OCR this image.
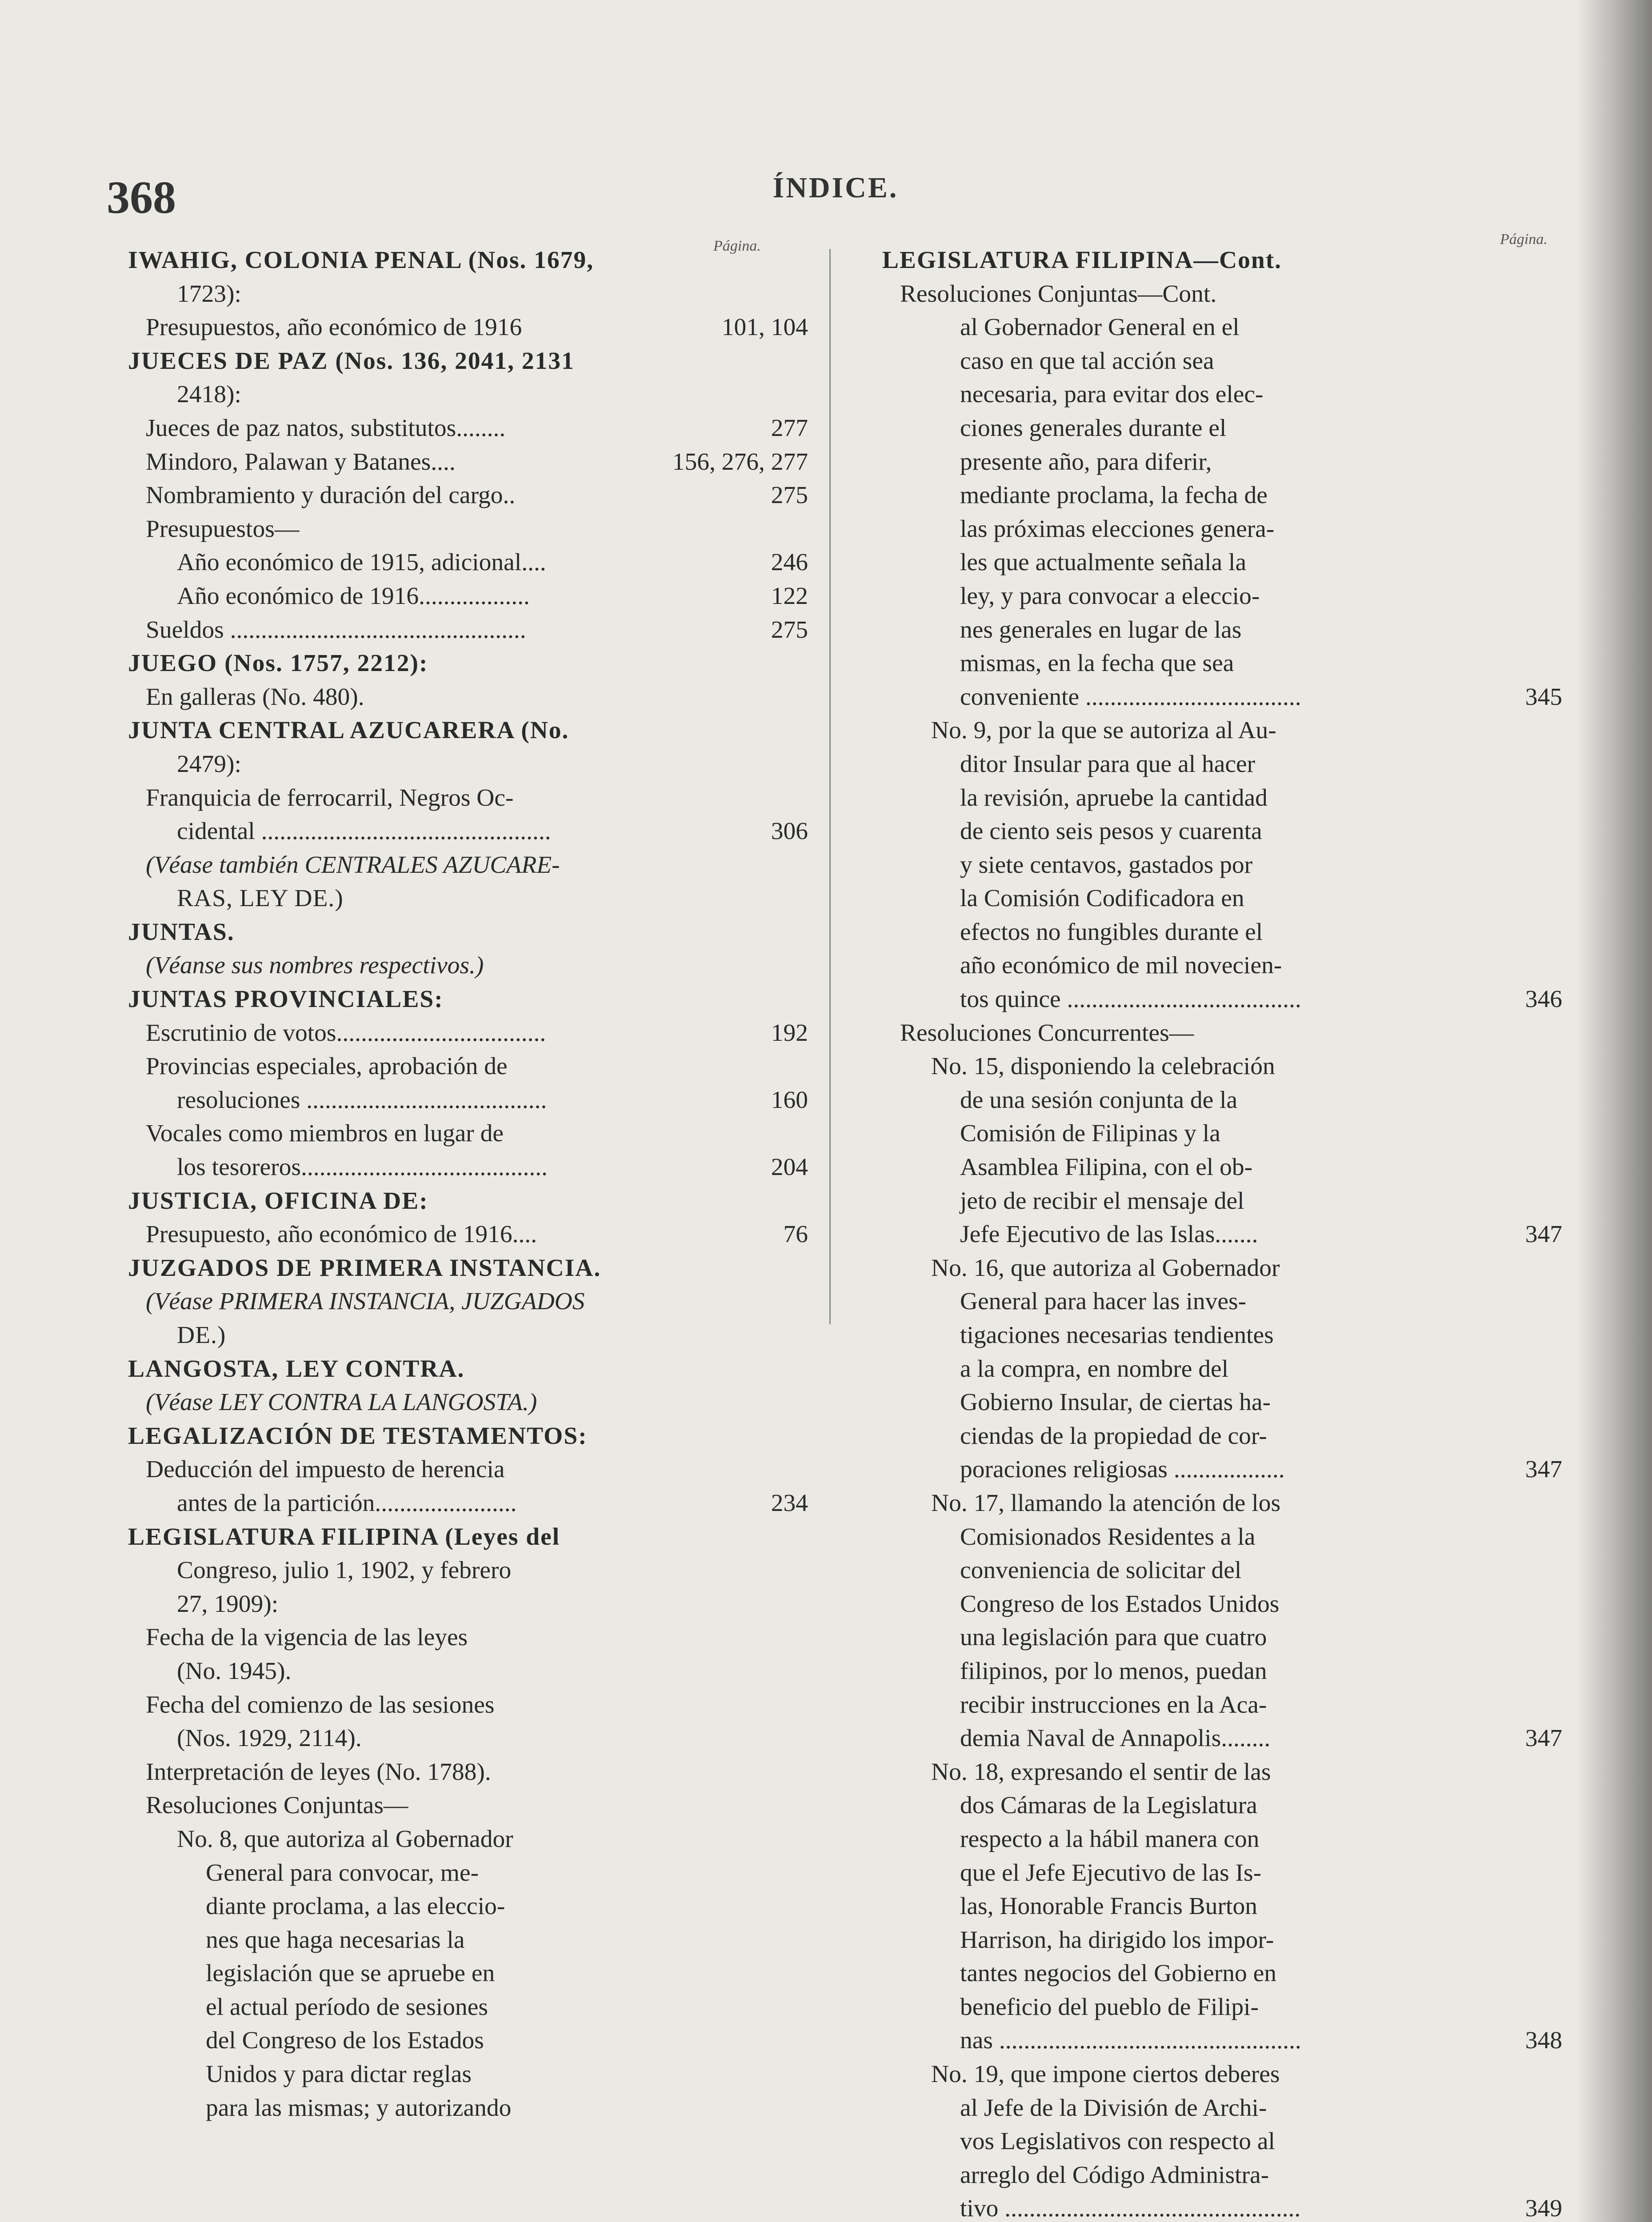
368	ÍNDICE.
Página.	Página.
IWAHIG, COLONIA PENAL (Nos. 1679,
1723):
Presupuestos, año económico de 1916	101, 104
JUECES DE PAZ (Nos. 136, 2041, 2131
2418):
Jueces de paz natos, substitutos........	277
Mindoro, Palawan y Batanes....	156, 276, 277
Nombramiento y duración del cargo..	275
Presupuestos—
Año económico de 1915, adicional....	246
Año económico de 1916..................	122
Sueldos ................................................	275
JUEGO (Nos. 1757, 2212):
En galleras (No. 480).
JUNTA CENTRAL AZUCARERA (No.
2479):
Franquicia de ferrocarril, Negros Oc-
cidental ...............................................	306
(Véase también CENTRALES AZUCARE-
RAS, LEY DE.)
JUNTAS.
(Véanse sus nombres respectivos.)
JUNTAS PROVINCIALES:
Escrutinio de votos..................................	192
Provincias especiales, aprobación de
resoluciones .......................................	160
Vocales como miembros en lugar de
los tesoreros........................................	204
JUSTICIA, OFICINA DE:
Presupuesto, año económico de 1916....	76
JUZGADOS DE PRIMERA INSTANCIA.
(Véase PRIMERA INSTANCIA, JUZGADOS
DE.)
LANGOSTA, LEY CONTRA.
(Véase LEY CONTRA LA LANGOSTA.)
LEGALIZACIÓN DE TESTAMENTOS:
Deducción del impuesto de herencia
antes de la partición.......................	234
LEGISLATURA FILIPINA (Leyes del
Congreso, julio 1, 1902, y febrero
27, 1909):
Fecha de la vigencia de las leyes
(No. 1945).
Fecha del comienzo de las sesiones
(Nos. 1929, 2114).
Interpretación de leyes (No. 1788).
Resoluciones Conjuntas—
No. 8, que autoriza al Gobernador
General para convocar, me-
diante proclama, a las eleccio-
nes que haga necesarias la
legislación que se apruebe en
el actual período de sesiones
del Congreso de los Estados
Unidos y para dictar reglas
para las mismas; y autorizando
LEGISLATURA FILIPINA—Cont.
Resoluciones Conjuntas—Cont.
al Gobernador General en el
caso en que tal acción sea
necesaria, para evitar dos elec-
ciones generales durante el
presente año, para diferir,
mediante proclama, la fecha de
las próximas elecciones genera-
les que actualmente señala la
ley, y para convocar a eleccio-
nes generales en lugar de las
mismas, en la fecha que sea
conveniente ...................................	345
No. 9, por la que se autoriza al Au-
ditor Insular para que al hacer
la revisión, apruebe la cantidad
de ciento seis pesos y cuarenta
y siete centavos, gastados por
la Comisión Codificadora en
efectos no fungibles durante el
año económico de mil novecien-
tos quince ......................................	346
Resoluciones Concurrentes—
No. 15, disponiendo la celebración
de una sesión conjunta de la
Comisión de Filipinas y la
Asamblea Filipina, con el ob-
jeto de recibir el mensaje del
Jefe Ejecutivo de las Islas.......	347
No. 16, que autoriza al Gobernador
General para hacer las inves-
tigaciones necesarias tendientes
a la compra, en nombre del
Gobierno Insular, de ciertas ha-
ciendas de la propiedad de cor-
poraciones religiosas ..................	347
No. 17, llamando la atención de los
Comisionados Residentes a la
conveniencia de solicitar del
Congreso de los Estados Unidos
una legislación para que cuatro
filipinos, por lo menos, puedan
recibir instrucciones en la Aca-
demia Naval de Annapolis........	347
No. 18, expresando el sentir de las
dos Cámaras de la Legislatura
respecto a la hábil manera con
que el Jefe Ejecutivo de las Is-
las, Honorable Francis Burton
Harrison, ha dirigido los impor-
tantes negocios del Gobierno en
beneficio del pueblo de Filipi-
nas .................................................	348
No. 19, que impone ciertos deberes
al Jefe de la División de Archi-
vos Legislativos con respecto al
arreglo del Código Administra-
tivo ................................................	349
